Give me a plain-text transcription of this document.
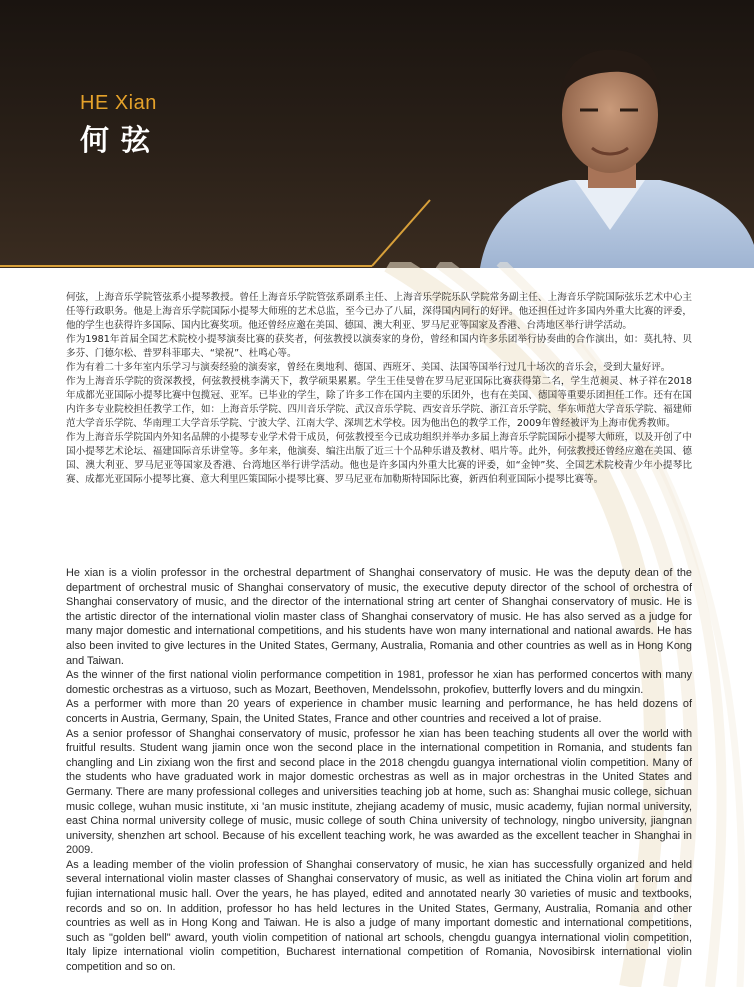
HE Xian
何弦

何弦，上海音乐学院管弦系小提琴教授。曾任上海音乐学院管弦系副系主任、上海音乐学院乐队学院常务副主任、上海音乐学院国际弦乐艺术中心主任等行政职务。他是上海音乐学院国际小提琴大师班的艺术总监，至今已办了八届，深得国内同行的好评。他还担任过许多国内外重大比赛的评委，他的学生也获得许多国际、国内比赛奖项。他还曾经应邀在美国、德国、澳大利亚、罗马尼亚等国家及香港、台湾地区举行讲学活动。

作为1981年首届全国艺术院校小提琴演奏比赛的获奖者，何弦教授以演奏家的身份，曾经和国内许多乐团举行协奏曲的合作演出，如：莫扎特、贝多芬、门德尔松、普罗科菲耶夫、“梁祝”、杜鸣心等。

作为有着二十多年室内乐学习与演奏经验的演奏家，曾经在奥地利、德国、西班牙、美国、法国等国举行过几十场次的音乐会，受到大量好评。

作为上海音乐学院的资深教授，何弦教授桃李满天下，教学硕果累累。学生王佳旻曾在罗马尼亚国际比赛获得第二名，学生范昶灵、林子祥在2018年成都光亚国际小提琴比赛中包揽冠、亚军。已毕业的学生，除了许多工作在国内主要的乐团外，也有在美国、德国等重要乐团担任工作。还有在国内许多专业院校担任教学工作，如：上海音乐学院、四川音乐学院、武汉音乐学院、西安音乐学院、浙江音乐学院、华东师范大学音乐学院、福建师范大学音乐学院、华南理工大学音乐学院、宁波大学、江南大学、深圳艺术学校。因为他出色的教学工作，2009年曾经被评为上海市优秀教师。

作为上海音乐学院国内外知名品牌的小提琴专业学术骨干成员，何弦教授至今已成功组织并举办多届上海音乐学院国际小提琴大师班，以及开创了中国小提琴艺术论坛、福建国际音乐讲堂等。多年来，他演奏、编注出版了近三十个品种乐谱及教材、唱片等。此外，何弦教授还曾经应邀在美国、德国、澳大利亚、罗马尼亚等国家及香港、台湾地区举行讲学活动。他也是许多国内外重大比赛的评委，如“金钟”奖、全国艺术院校青少年小提琴比赛、成都光亚国际小提琴比赛、意大利里匹策国际小提琴比赛、罗马尼亚布加勒斯特国际比赛，新西伯利亚国际小提琴比赛等。

He xian is a violin professor in the orchestral department of Shanghai conservatory of music. He was the deputy dean of the department of orchestral music of Shanghai conservatory of music, the executive deputy director of the school of orchestra of Shanghai conservatory of music, and the director of the international string art center of Shanghai conservatory of music. He is the artistic director of the international violin master class of Shanghai conservatory of music. He has also served as a judge for many major domestic and international competitions, and his students have won many international and national awards. He has also been invited to give lectures in the United States, Germany, Australia, Romania and other countries as well as in Hong Kong and Taiwan.

As the winner of the first national violin performance competition in 1981, professor he xian has performed concertos with many domestic orchestras as a virtuoso, such as Mozart, Beethoven, Mendelssohn, prokofiev, butterfly lovers and du mingxin.

As a performer with more than 20 years of experience in chamber music learning and performance, he has held dozens of concerts in Austria, Germany, Spain, the United States, France and other countries and received a lot of praise.

As a senior professor of Shanghai conservatory of music, professor he xian has been teaching students all over the world with fruitful results. Student wang jiamin once won the second place in the international competition in Romania, and students fan changling and Lin zixiang won the first and second place in the 2018 chengdu guangya international violin competition. Many of the students who have graduated work in major domestic orchestras as well as in major orchestras in the United States and Germany. There are many professional colleges and universities teaching job at home, such as: Shanghai music college, sichuan music college, wuhan music institute, xi 'an music institute, zhejiang academy of music, music academy, fujian normal university, east China normal university college of music, music college of south China university of technology, ningbo university, jiangnan university, shenzhen art school. Because of his excellent teaching work, he was awarded as the excellent teacher in Shanghai in 2009.

As a leading member of the violin profession of Shanghai conservatory of music, he xian has successfully organized and held several international violin master classes of Shanghai conservatory of music, as well as initiated the China violin art forum and fujian international music hall. Over the years, he has played, edited and annotated nearly 30 varieties of music and textbooks, records and so on. In addition, professor ho has held lectures in the United States, Germany, Australia, Romania and other countries as well as in Hong Kong and Taiwan. He is also a judge of many important domestic and international competitions, such as "golden bell" award, youth violin competition of national art schools, chengdu guangya international violin competition, Italy lipize international violin competition, Bucharest international competition of Romania, Novosibirsk international violin competition and so on.
